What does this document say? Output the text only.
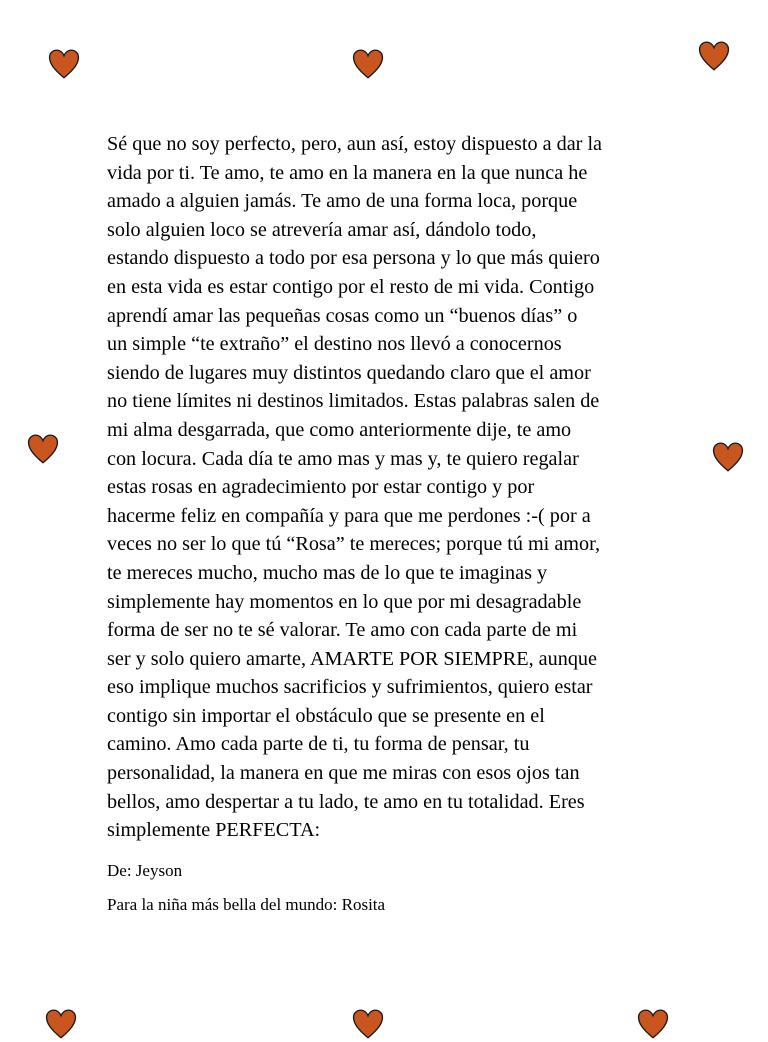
Sé que no soy perfecto, pero, aun así, estoy dispuesto a dar la
vida por ti. Te amo, te amo en la manera en la que nunca he
amado a alguien jamás. Te amo de una forma loca, porque
solo alguien loco se atrevería amar así, dándolo todo,
estando dispuesto a todo por esa persona y lo que más quiero
en esta vida es estar contigo por el resto de mi vida. Contigo
aprendí amar las pequeñas cosas como un “buenos días” o
un simple “te extraño” el destino nos llevó a conocernos
siendo de lugares muy distintos quedando claro que el amor
no tiene límites ni destinos limitados. Estas palabras salen de
mi alma desgarrada, que como anteriormente dije, te amo
con locura. Cada día te amo mas y mas y, te quiero regalar
estas rosas en agradecimiento por estar contigo y por
hacerme feliz en compañía y para que me perdones :-( por a
veces no ser lo que tú “Rosa” te mereces; porque tú mi amor,
te mereces mucho, mucho mas de lo que te imaginas y
simplemente hay momentos en lo que por mi desagradable
forma de ser no te sé valorar. Te amo con cada parte de mi
ser y solo quiero amarte, AMARTE POR SIEMPRE, aunque
eso implique muchos sacrificios y sufrimientos, quiero estar
contigo sin importar el obstáculo que se presente en el
camino. Amo cada parte de ti, tu forma de pensar, tu
personalidad, la manera en que me miras con esos ojos tan
bellos, amo despertar a tu lado, te amo en tu totalidad. Eres
simplemente PERFECTA:

De: Jeyson

Para la niña más bella del mundo: Rosita
